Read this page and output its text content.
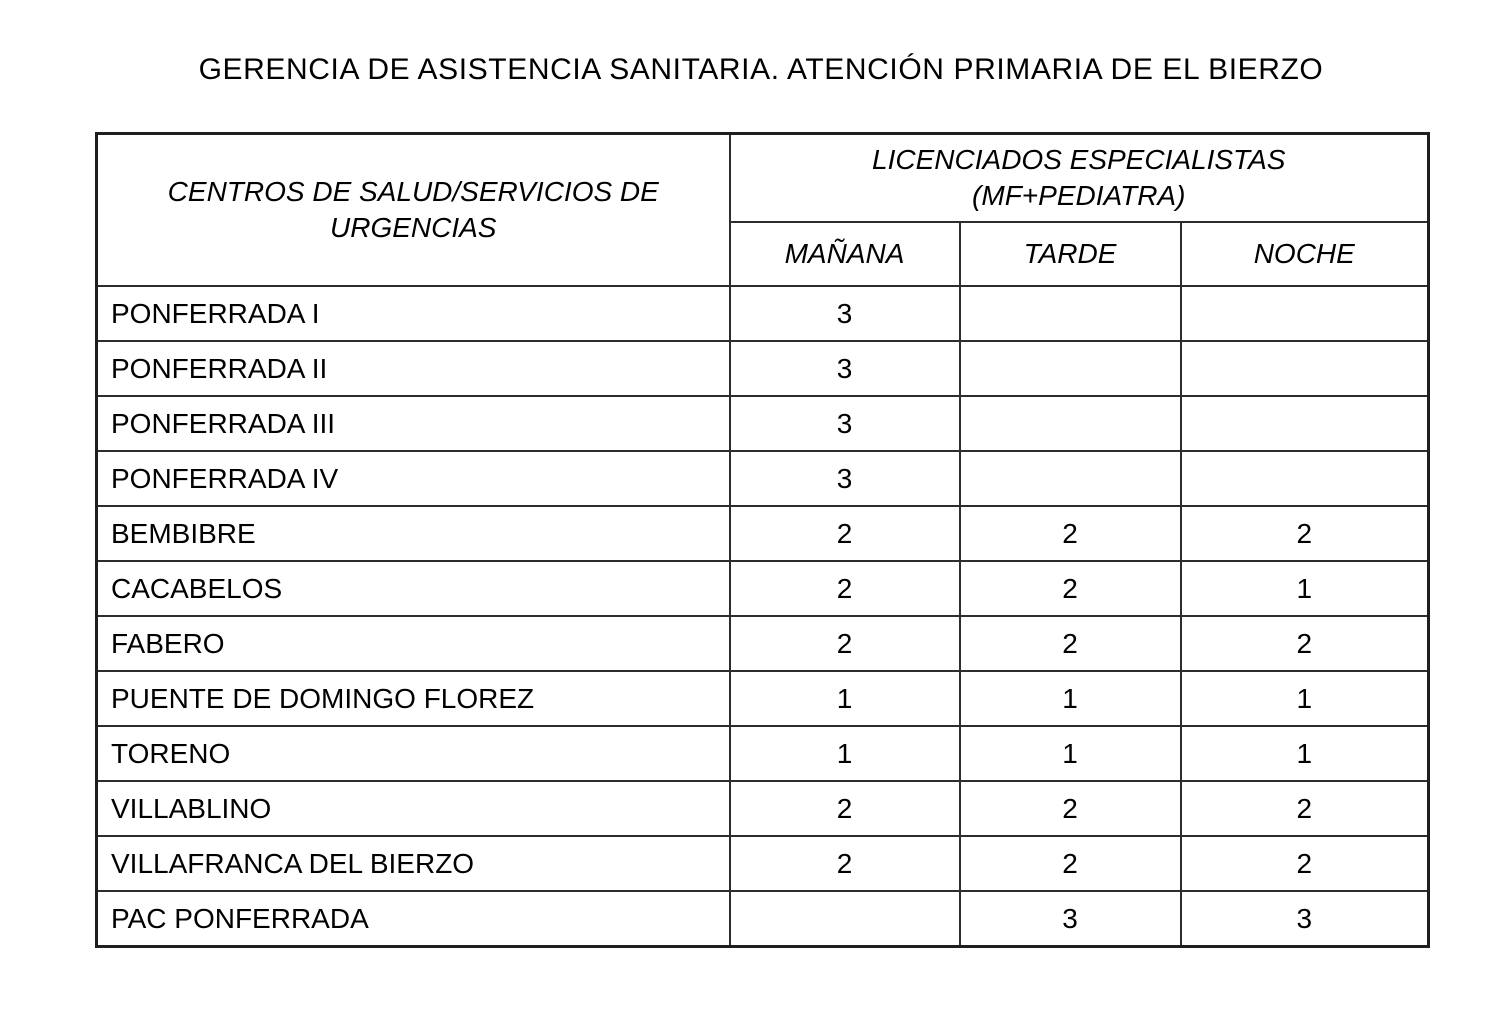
GERENCIA DE ASISTENCIA SANITARIA. ATENCIÓN PRIMARIA DE EL BIERZO
CENTROS DE SALUD/SERVICIOS DE URGENCIAS	LICENCIADOS ESPECIALISTAS
(MF+PEDIATRA)		

	MAÑANA	TARDE	NOCHE
PONFERRADA I	3		
PONFERRADA II	3		
PONFERRADA III	3		
PONFERRADA IV	3		
BEMBIBRE	2	2	2
CACABELOS	2	2	1
FABERO	2	2	2
PUENTE DE DOMINGO FLOREZ	1	1	1
TORENO	1	1	1
VILLABLINO	2	2	2
VILLAFRANCA DEL BIERZO	2	2	2
PAC PONFERRADA		3	3
